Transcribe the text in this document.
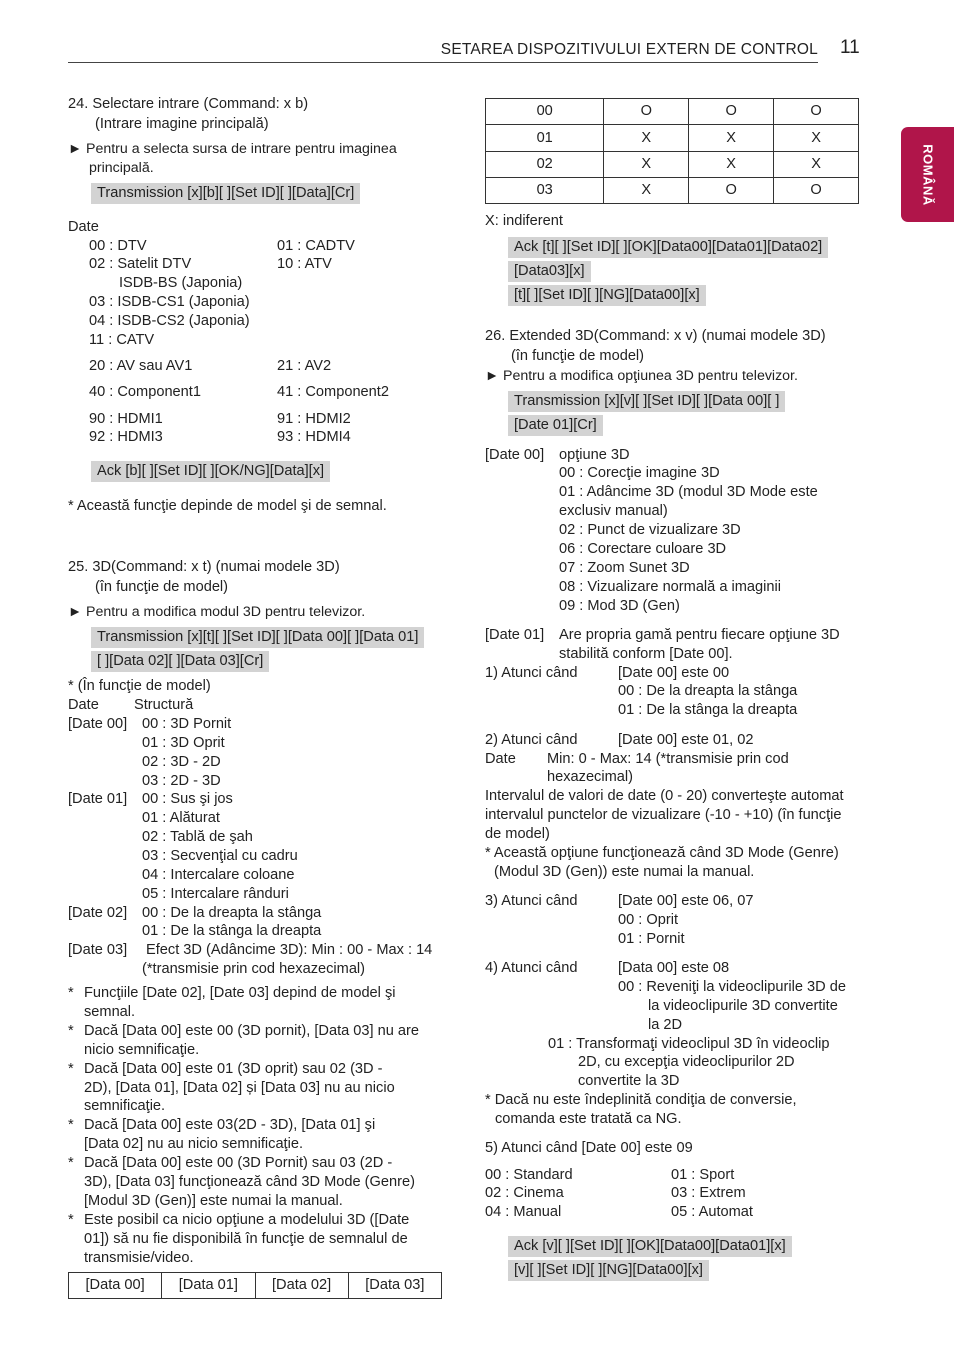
SETAREA DISPOZITIVULUI EXTERN DE CONTROL 11
ROMÂNĂ
24. Selectare intrare (Command: x b)
(Intrare imagine principală)
► Pentru a selecta sursa de intrare pentru imaginea
principală.
Transmission [x][b][ ][Set ID][ ][Data][Cr]
Date
00 : DTV	01 : CADTV
02 : Satelit DTV	10 : ATV
ISDB-BS (Japonia)
03 : ISDB-CS1 (Japonia)
04 : ISDB-CS2 (Japonia)
11 : CATV
20 : AV sau AV1	21 : AV2
40 : Component1	41 : Component2
90 : HDMI1	91 : HDMI2
92 : HDMI3	93 : HDMI4
Ack [b][ ][Set ID][ ][OK/NG][Data][x]
* Această funcţie depinde de model şi de semnal.
25. 3D(Command: x t) (numai modele 3D)
(în funcţie de model)
► Pentru a modifica modul 3D pentru televizor.
Transmission [x][t][ ][Set ID][ ][Data 00][ ][Data 01]
[ ][Data 02][ ][Data 03][Cr]
* (În funcţie de model)
Date Structură
[Date 00] 00 : 3D Pornit
01 : 3D Oprit
02 : 3D - 2D
03 : 2D - 3D
[Date 01] 00 : Sus şi jos
01 : Alăturat
02 : Tablă de şah
03 : Secvenţial cu cadru
04 : Intercalare coloane
05 : Intercalare rânduri
[Date 02] 00 : De la dreapta la stânga
01 : De la stânga la dreapta
[Date 03] Efect 3D (Adâncime 3D): Min : 00 - Max : 14
(*transmisie prin cod hexazecimal)
* Funcţiile [Date 02], [Date 03] depind de model şi
semnal.
* Dacă [Data 00] este 00 (3D pornit), [Data 03] nu are
nicio semnificaţie.
* Dacă [Data 00] este 01 (3D oprit) sau 02 (3D -
2D), [Data 01], [Data 02] și [Data 03] nu au nicio
semnificaţie.
* Dacă [Data 00] este 03(2D - 3D), [Data 01] şi
[Data 02] nu au nicio semnificaţie.
* Dacă [Data 00] este 00 (3D Pornit) sau 03 (2D -
3D), [Data 03] funcţionează când 3D Mode (Genre)
[Modul 3D (Gen)] este numai la manual.
* Este posibil ca nicio opţiune a modelului 3D ([Date
01]) să nu fie disponibilă în funcţie de semnalul de
transmisie/video.
[Data 00]	[Data 01]	[Data 02]	[Data 03]
00	O	O	O
01	X	X	X
02	X	X	X
03	X	O	O
X: indiferent
Ack [t][ ][Set ID][ ][OK][Data00][Data01][Data02]
[Data03][x]
[t][ ][Set ID][ ][NG][Data00][x]
26. Extended 3D(Command: x v) (numai modele 3D)
(în funcţie de model)
► Pentru a modifica opţiunea 3D pentru televizor.
Transmission [x][v][ ][Set ID][ ][Data 00][ ]
[Date 01][Cr]
[Date 00] opţiune 3D
00 : Corecţie imagine 3D
01 : Adâncime 3D (modul 3D Mode este
exclusiv manual)
02 : Punct de vizualizare 3D
06 : Corectare culoare 3D
07 : Zoom Sunet 3D
08 : Vizualizare normală a imaginii
09 : Mod 3D (Gen)
[Date 01] Are propria gamă pentru fiecare opţiune 3D
stabilită conform [Date 00].
1) Atunci când	[Date 00] este 00
00 : De la dreapta la stânga
01 : De la stânga la dreapta
2) Atunci când	[Date 00] este 01, 02
Date Min: 0 - Max: 14 (*transmisie prin cod
hexazecimal)
Intervalul de valori de date (0 - 20) converteşte automat
intervalul punctelor de vizualizare (-10 - +10) (în funcţie
de model)
* Această opţiune funcţionează când 3D Mode (Genre)
(Modul 3D (Gen)) este numai la manual.
3) Atunci când	[Date 00] este 06, 07
00 : Oprit
01 : Pornit
4) Atunci când	[Data 00] este 08
00 : Reveniţi la videoclipurile 3D de
la videoclipurile 3D convertite
la 2D
01 : Transformaţi videoclipul 3D în videoclip
2D, cu excepţia videoclipurilor 2D
convertite la 3D
* Dacă nu este îndeplinită condiţia de conversie,
comanda este tratată ca NG.
5) Atunci când [Date 00] este 09
00 : Standard	01 : Sport
02 : Cinema	03 : Extrem
04 : Manual	05 : Automat
Ack [v][ ][Set ID][ ][OK][Data00][Data01][x]
[v][ ][Set ID][ ][NG][Data00][x]
